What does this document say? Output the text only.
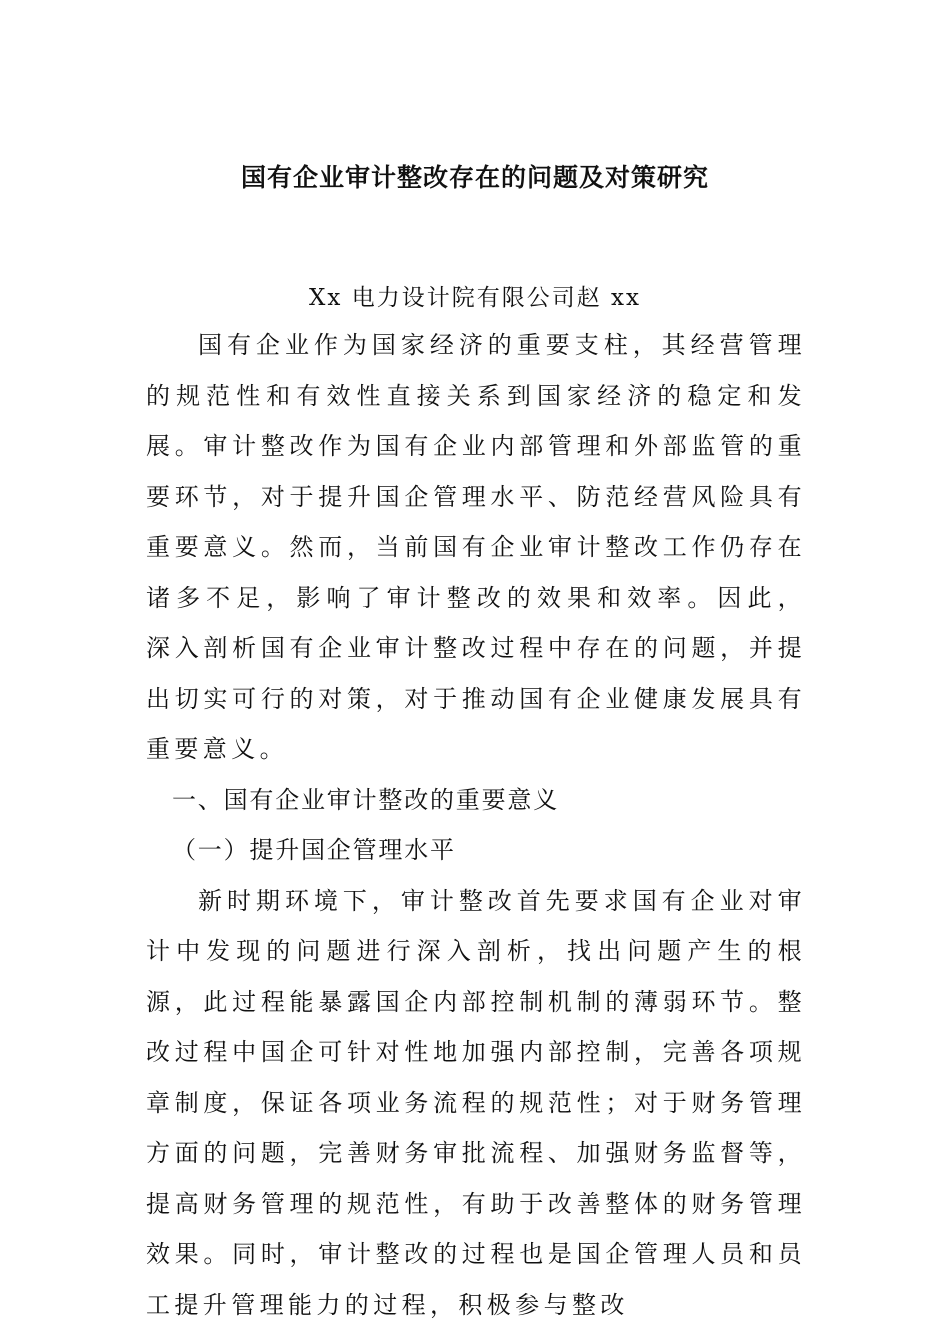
国有企业审计整改存在的问题及对策研究

Xx 电力设计院有限公司赵 xx

国有企业作为国家经济的重要支柱，其经营管理的规范性和有效性直接关系到国家经济的稳定和发展。审计整改作为国有企业内部管理和外部监管的重要环节，对于提升国企管理水平、防范经营风险具有重要意义。然而，当前国有企业审计整改工作仍存在诸多不足，影响了审计整改的效果和效率。因此， 深入剖析国有企业审计整改过程中存在的问题，并提出切实可行的对策，对于推动国有企业健康发展具有重要意义。

一、国有企业审计整改的重要意义

（一）提升国企管理水平

新时期环境下，审计整改首先要求国有企业对审计中发现的问题进行深入剖析，找出问题产生的根源，此过程能暴露国企内部控制机制的薄弱环节。整改过程中国企可针对性地加强内部控制，完善各项规章制度，保证各项业务流程的规范性；对于财务管理方面的问题，完善财务审批流程、加强财务监督等， 提高财务管理的规范性，有助于改善整体的财务管理效果。同时，审计整改的过程也是国企管理人员和员工提升管理能力的过程，积极参与整改
